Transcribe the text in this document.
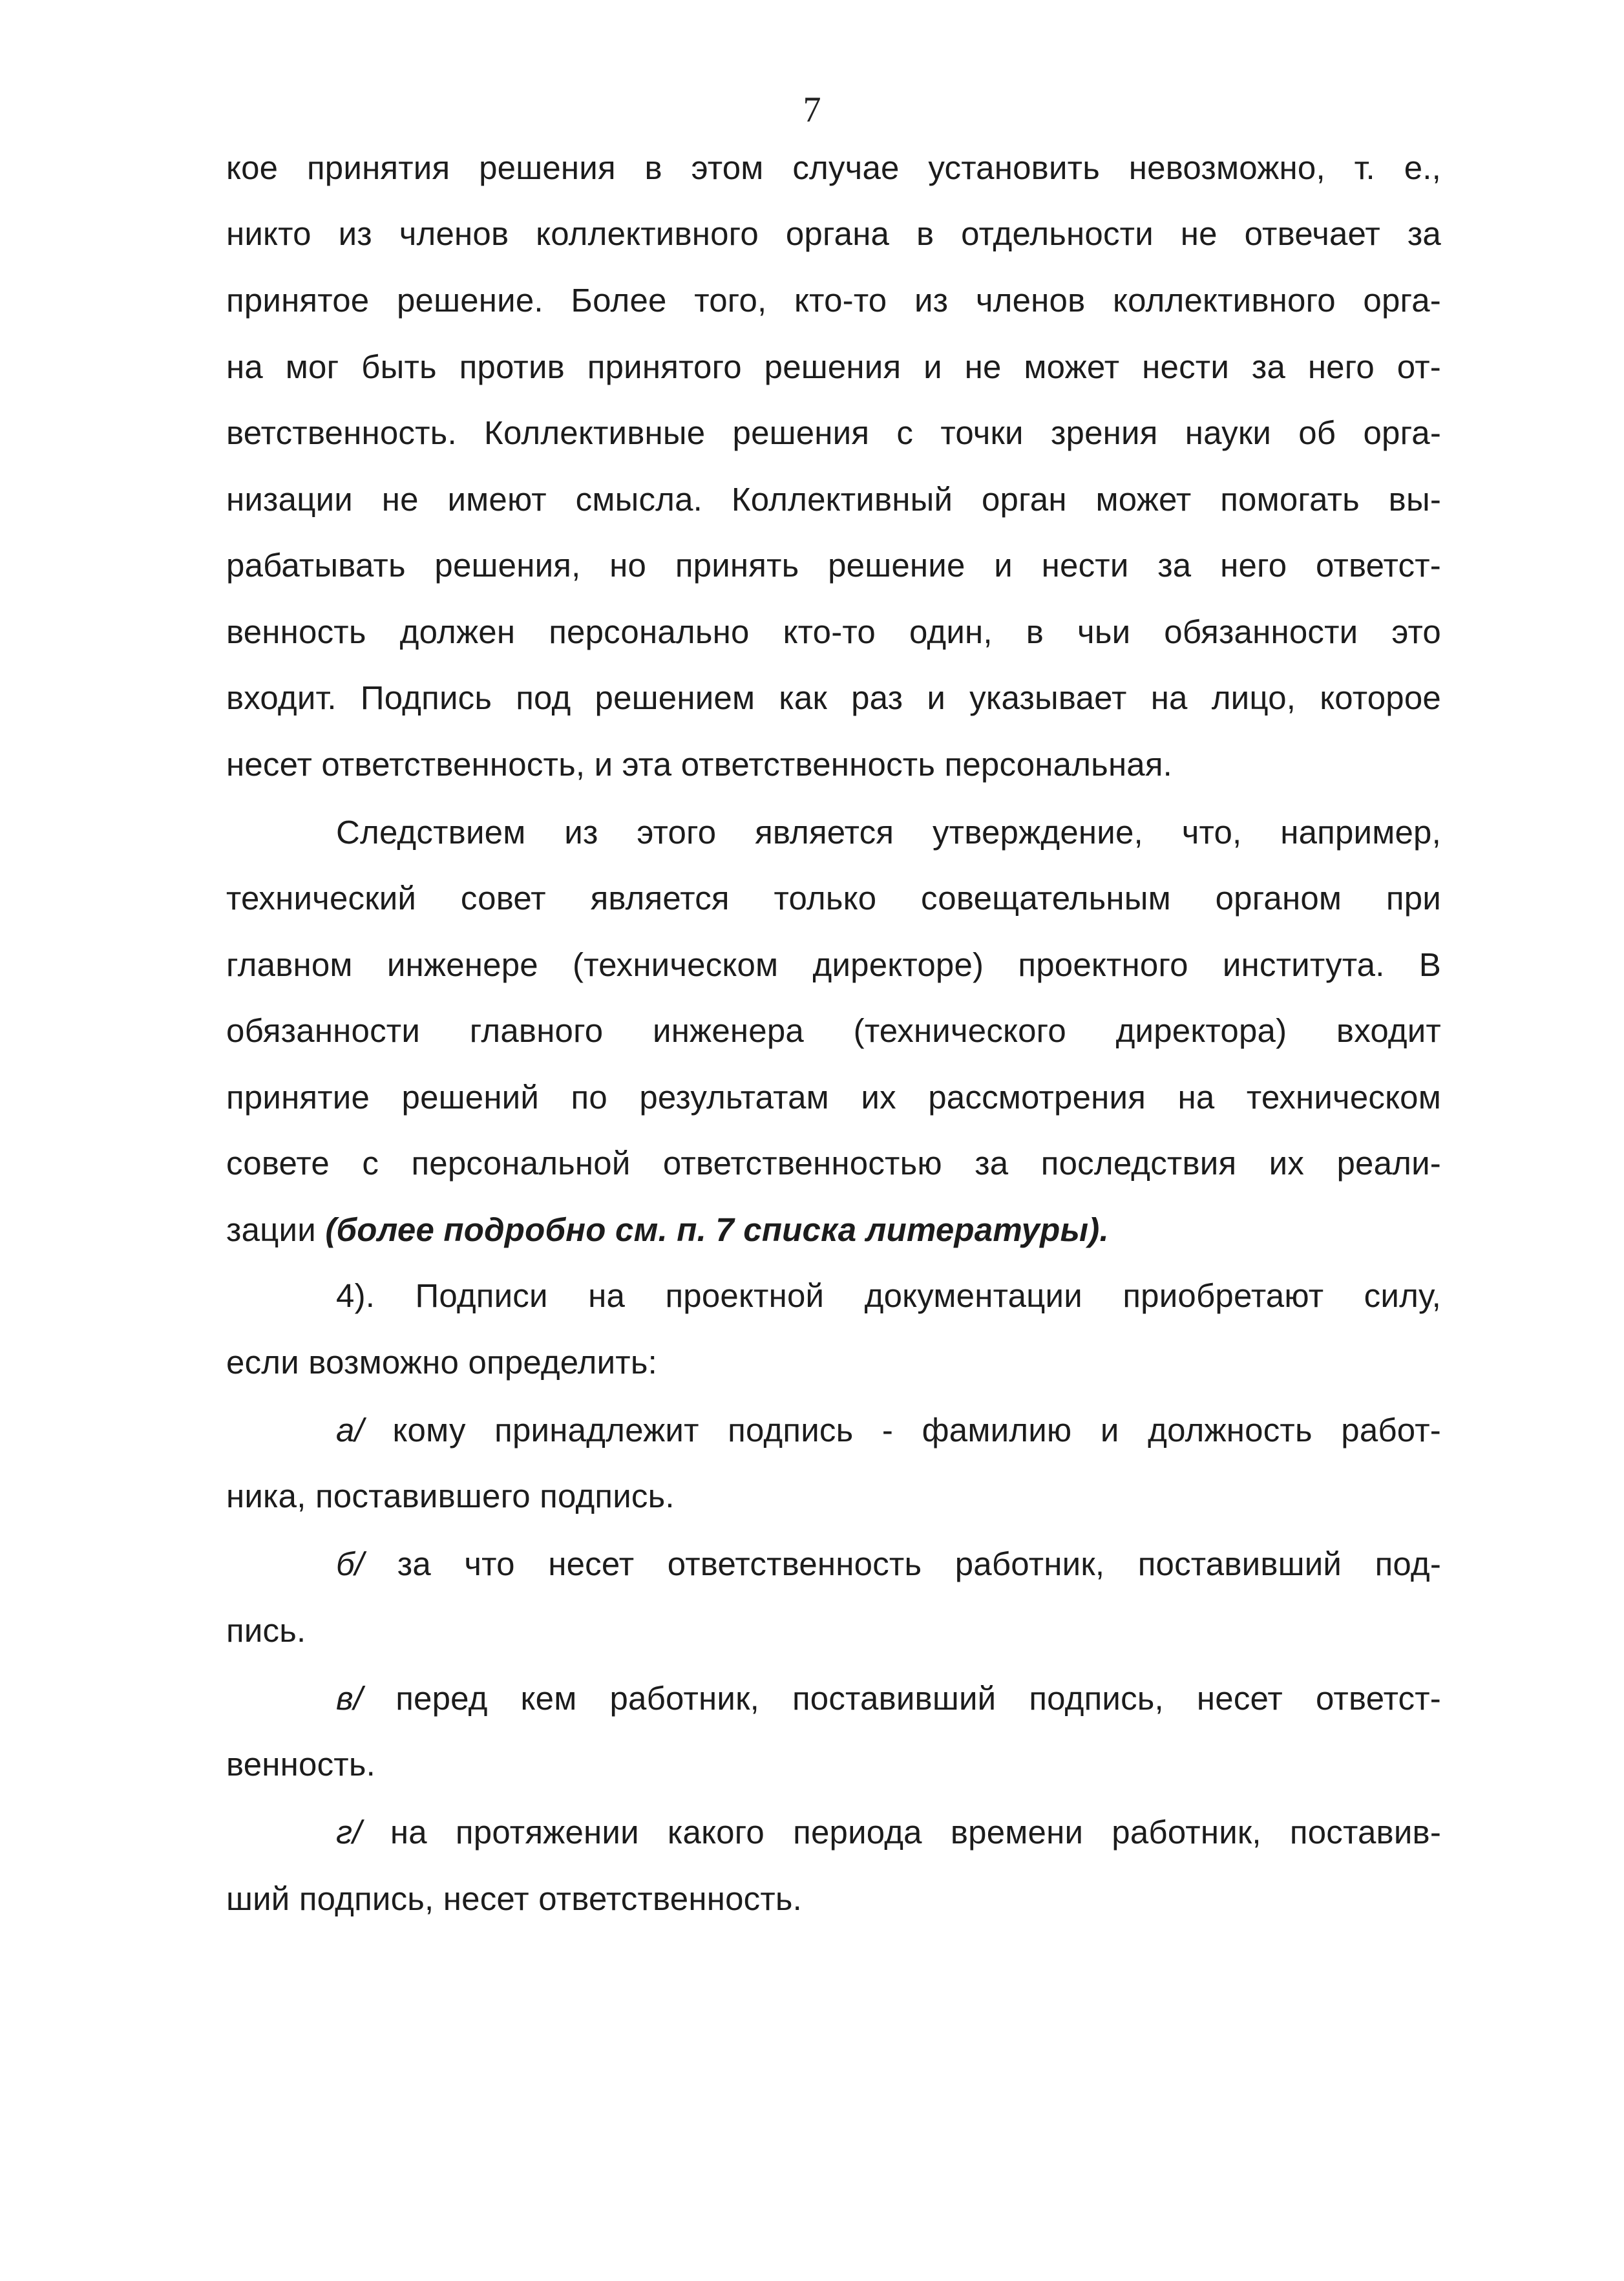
7
кое принятия решения в этом случае установить невозможно, т. е.,
никто из членов коллективного органа в отдельности не отвечает за
принятое решение. Более того, кто-то из членов коллективного орга-
на мог быть против принятого решения и не может нести за него от-
ветственность. Коллективные решения с точки зрения науки об орга-
низации не имеют смысла. Коллективный орган может помогать вы-
рабатывать решения, но принять решение и нести за него ответст-
венность должен персонально кто-то один, в чьи обязанности это
входит. Подпись под решением как раз и указывает на лицо, которое
несет ответственность, и эта ответственность персональная.
Следствием из этого является утверждение, что, например,
технический совет является только совещательным органом при
главном инженере (техническом директоре) проектного института. В
обязанности главного инженера (технического директора) входит
принятие решений по результатам их рассмотрения на техническом
совете с персональной ответственностью за последствия их реали-
зации (более подробно см. п. 7 списка литературы).
4). Подписи на проектной документации приобретают силу,
если возможно определить:
а/ кому принадлежит подпись - фамилию и должность работ-
ника, поставившего подпись.
б/ за что несет ответственность работник, поставивший под-
пись.
в/ перед кем работник, поставивший подпись, несет ответст-
венность.
г/ на протяжении какого периода времени работник, поставив-
ший подпись, несет ответственность.
